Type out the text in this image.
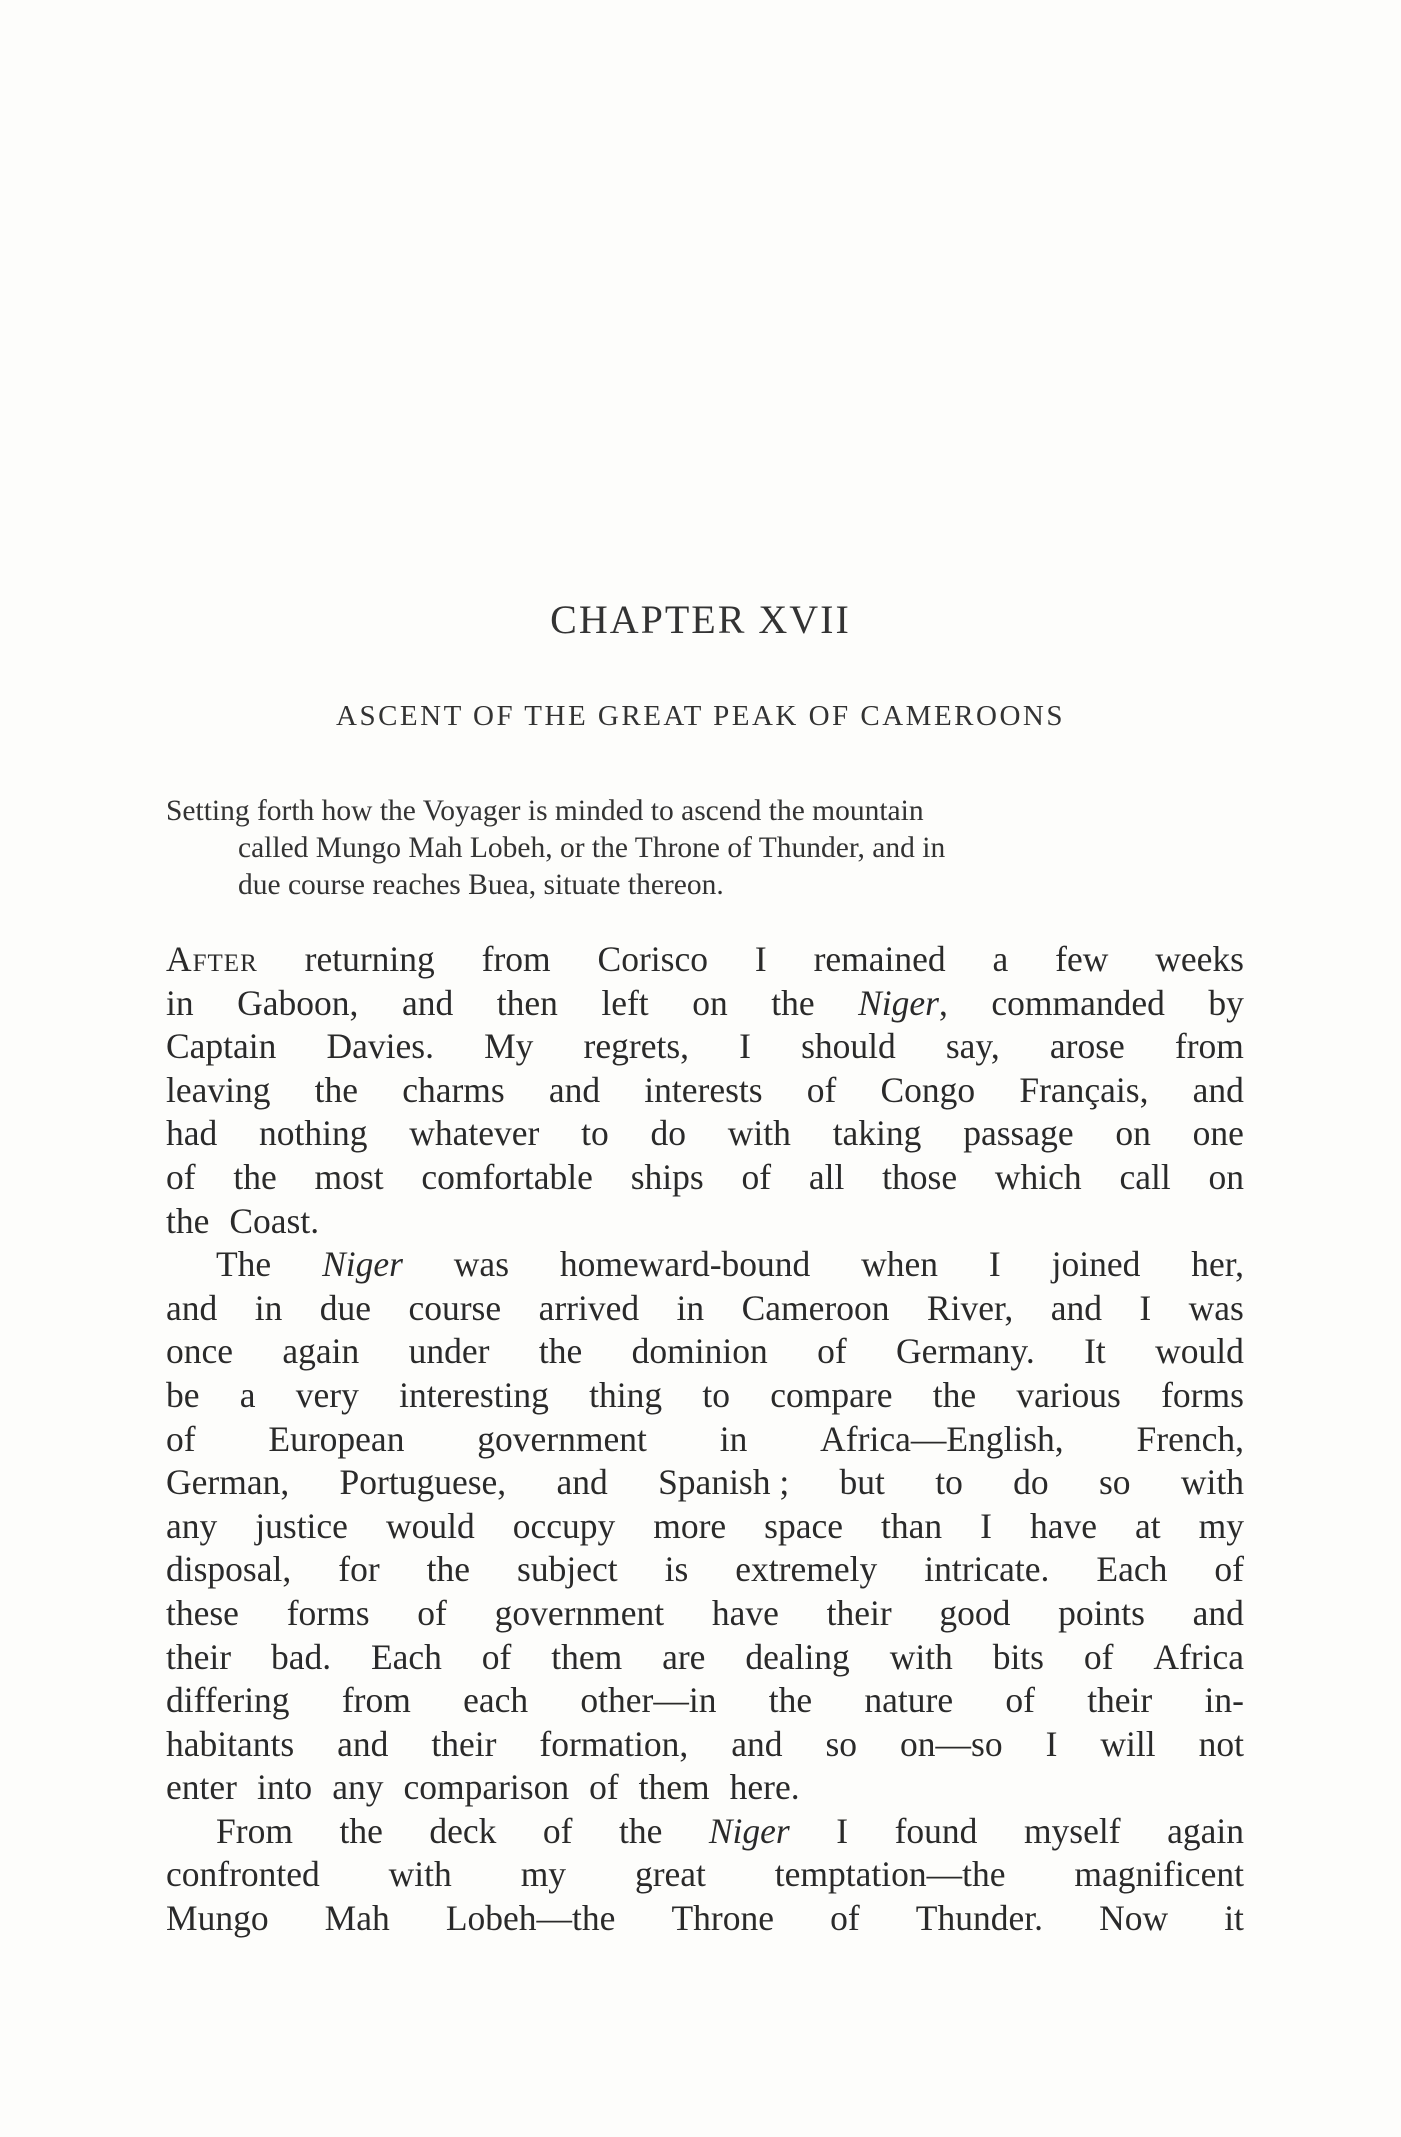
CHAPTER XVII
ASCENT OF THE GREAT PEAK OF CAMEROONS
Setting forth how the Voyager is minded to ascend the mountain
called Mungo Mah Lobeh, or the Throne of Thunder, and in
due course reaches Buea, situate thereon.
After returning from Corisco I remained a few weeks
in Gaboon, and then left on the Niger, commanded by
Captain Davies. My regrets, I should say, arose from
leaving the charms and interests of Congo Français, and
had nothing whatever to do with taking passage on one
of the most comfortable ships of all those which call on
the Coast.
The Niger was homeward-bound when I joined her,
and in due course arrived in Cameroon River, and I was
once again under the dominion of Germany. It would
be a very interesting thing to compare the various forms
of European government in Africa—English, French,
German, Portuguese, and Spanish ; but to do so with
any justice would occupy more space than I have at my
disposal, for the subject is extremely intricate. Each of
these forms of government have their good points and
their bad. Each of them are dealing with bits of Africa
differing from each other—in the nature of their in-
habitants and their formation, and so on—so I will not
enter into any comparison of them here.
From the deck of the Niger I found myself again
confronted with my great temptation—the magnificent
Mungo Mah Lobeh—the Throne of Thunder. Now it
